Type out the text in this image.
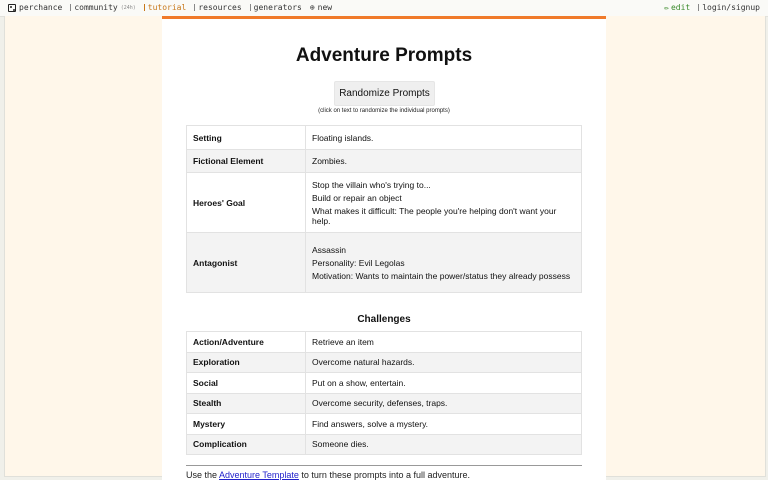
perchance community (24h) tutorial resources generators ⊕ new	✏ edit login/signup
Adventure Prompts
Randomize Prompts
(click on text to randomize the individual prompts)
Setting	Floating islands.

Fictional Element	Zombies.

Heroes' Goal	Stop the villain who's trying to...

Build or repair an object

What makes it difficult: The people you're helping don't want your help.

Antagonist	Assassin

Personality: Evil Legolas

Motivation: Wants to maintain the power/status they already possess

Challenges
Action/Adventure	Retrieve an item
Exploration	Overcome natural hazards.
Social	Put on a show, entertain.
Stealth	Overcome security, defenses, traps.
Mystery	Find answers, solve a mystery.
Complication	Someone dies.
Use the Adventure Template to turn these prompts into a full adventure.
